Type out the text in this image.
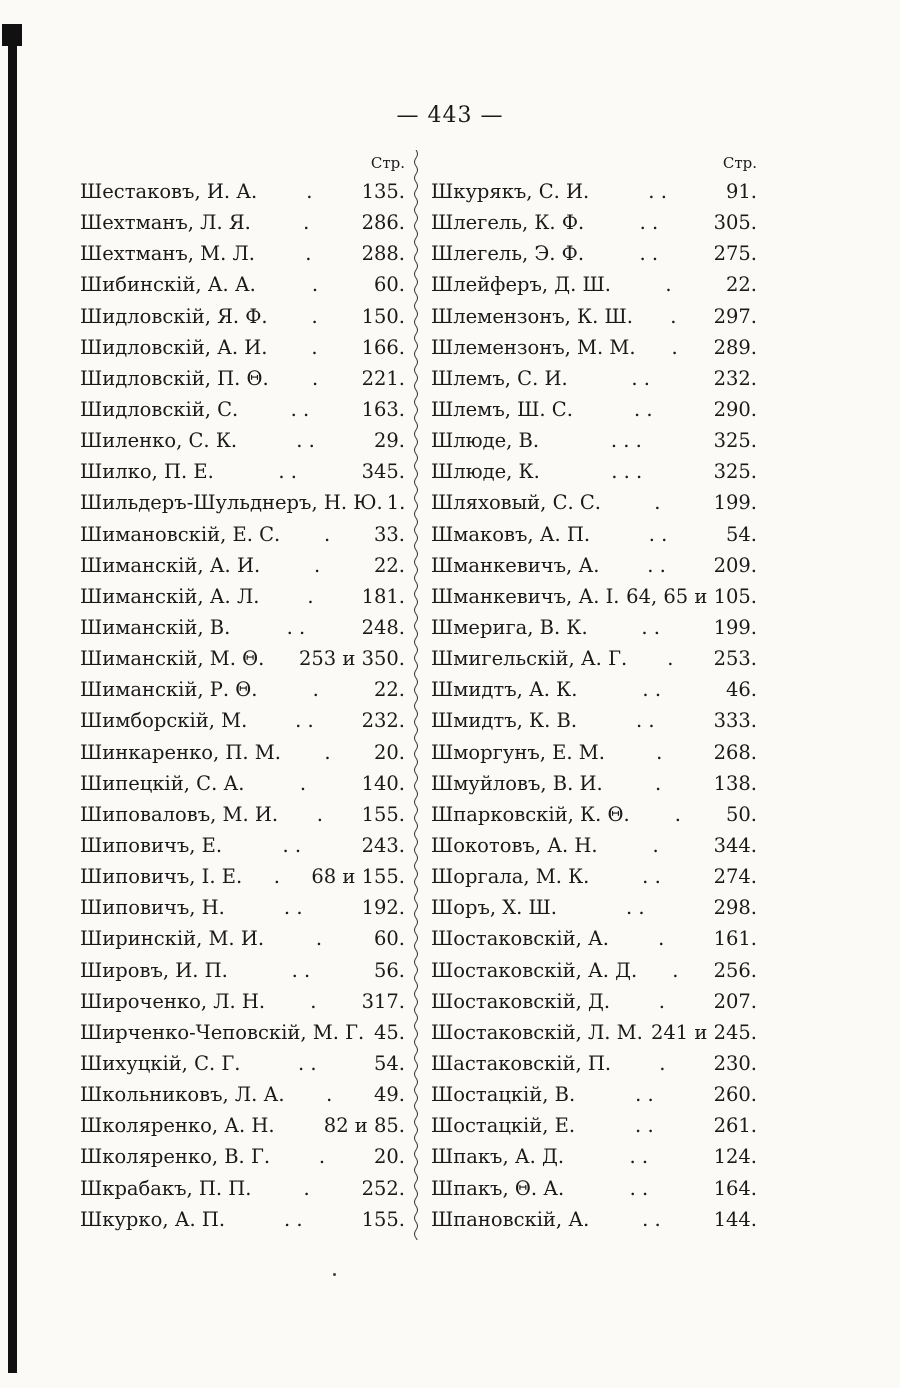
— 443 —
Стр.
Шестаковъ, И. А.	.	135.
Шехтманъ, Л. Я.	.	286.
Шехтманъ, М. Л.	.	288.
Шибинскій, А. А.	.	60.
Шидловскій, Я. Ф.	.	150.
Шидловскій, А. И.	.	166.
Шидловскій, П. Θ.	.	221.
Шидловскій, С.	. .	163.
Шиленко, С. К.	. .	29.
Шилко, П. Е.	. .	345.
Шильдеръ-Шульднеръ, Н. Ю. 1.
Шимановскій, Е. С.	.	33.
Шиманскій, А. И.	.	22.
Шиманскій, А. Л.	.	181.
Шиманскій, В.	. .	248.
Шиманскій, М. Θ. 253 и 350.
Шиманскій, Р. Θ.	.	22.
Шимборскій, М.	. .	232.
Шинкаренко, П. М.	.	20.
Шипецкій, С. А.	.	140.
Шиповаловъ, М. И.	.	155.
Шиповичъ, Е.	. .	243.
Шиповичъ, І. Е.	.	68 и 155.
Шиповичъ, Н.	. .	192.
Ширинскій, М. И.	.	60.
Шировъ, И. П.	. .	56.
Широченко, Л. Н.	.	317.
Ширченко-Чеповскій, М. Г. 45.
Шихуцкій, С. Г.	. .	54.
Школьниковъ, Л. А.	.	49.
Школяренко, А. Н.	82 и 85.
Школяренко, В. Г.	.	20.
Шкрабакъ, П. П.	.	252.
Шкурко, А. П.	. .	155.
Стр.
Шкурякъ, С. И.	. .	91.
Шлегель, К. Ф.	. .	305.
Шлегель, Э. Ф.	. .	275.
Шлейферъ, Д. Ш.	.	22.
Шлемензонъ, К. Ш.	.	297.
Шлемензонъ, М. М.	.	289.
Шлемъ, С. И.	. .	232.
Шлемъ, Ш. С.	. .	290.
Шлюде, В.	. . .	325.
Шлюде, К.	. . .	325.
Шляховый, С. С.	.	199.
Шмаковъ, А. П.	. .	54.
Шманкевичъ, А.	. .	209.
Шманкевичъ, А. І. 64, 65 и 105.
Шмерига, В. К.	. .	199.
Шмигельскій, А. Г.	.	253.
Шмидтъ, А. К.	. .	46.
Шмидтъ, К. В.	. .	333.
Шморгунъ, Е. М.	.	268.
Шмуйловъ, В. И.	.	138.
Шпарковскій, К. Θ.	.	50.
Шокотовъ, А. Н.	.	344.
Шоргала, М. К.	. .	274.
Шоръ, Х. Ш.	. .	298.
Шостаковскій, А.	.	161.
Шостаковскій, А. Д.	.	256.
Шостаковскій, Д.	.	207.
Шостаковскій, Л. М. 241 и 245.
Шастаковскій, П.	.	230.
Шостацкій, В.	. .	260.
Шостацкій, Е.	. .	261.
Шпакъ, А. Д.	. .	124.
Шпакъ, Θ. А.	. .	164.
Шпановскій, А.	. .	144.
